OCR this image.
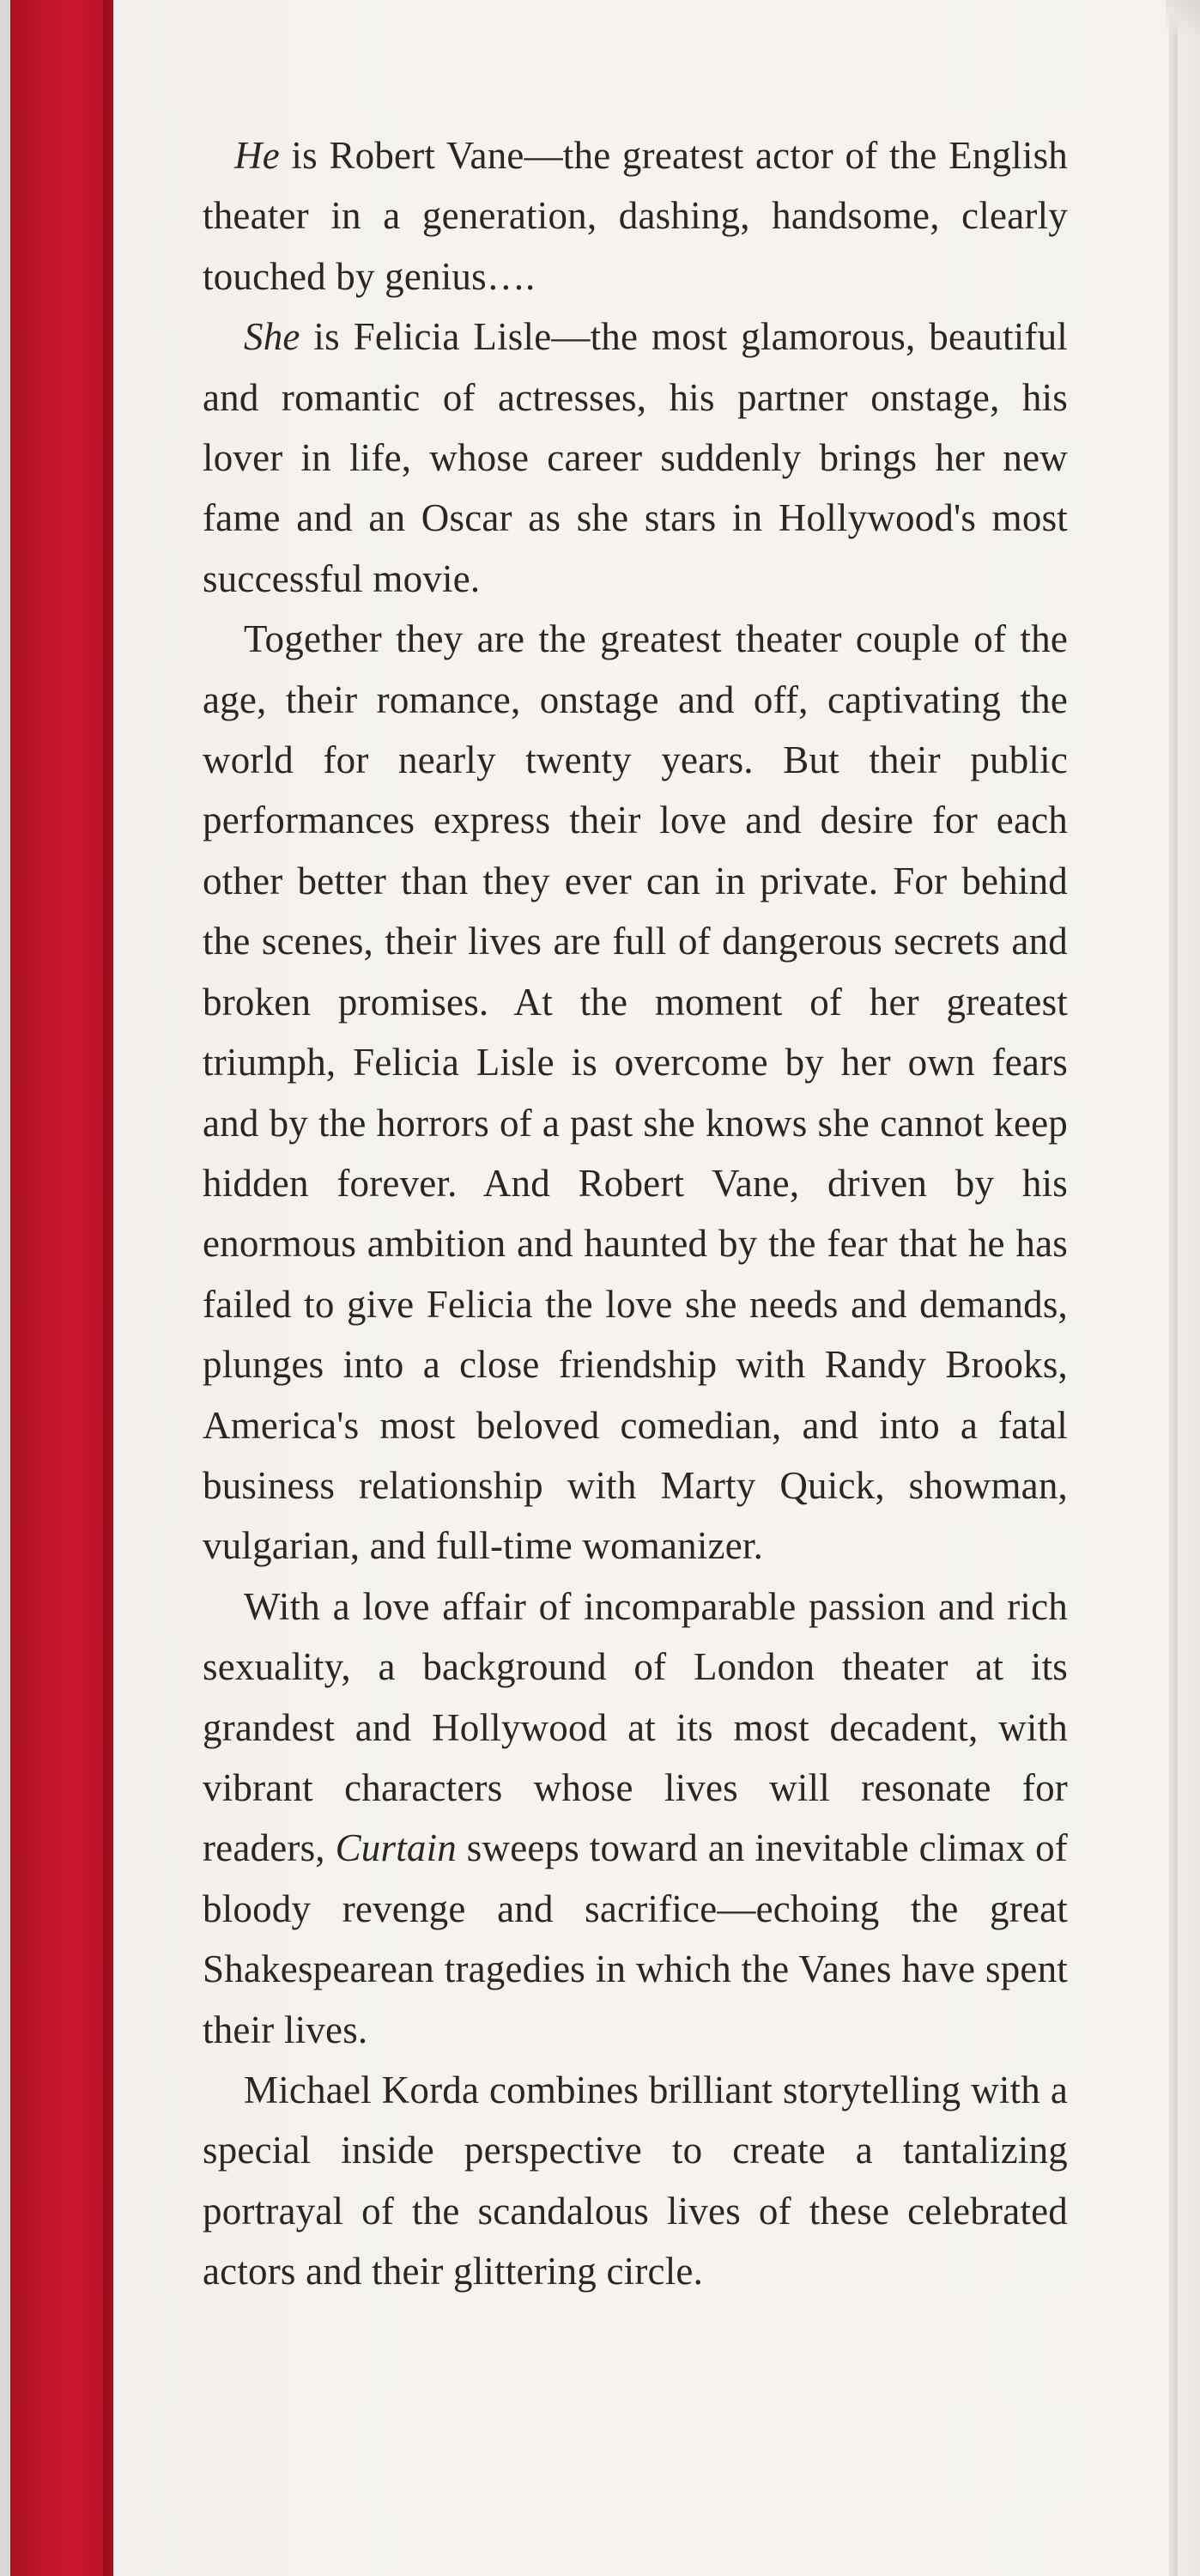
He is Robert Vane—the greatest actor of the English theater in a generation, dashing, handsome, clearly touched by genius….

She is Felicia Lisle—the most glamorous, beautiful and romantic of actresses, his partner onstage, his lover in life, whose career suddenly brings her new fame and an Oscar as she stars in Hollywood's most successful movie.

Together they are the greatest theater couple of the age, their romance, onstage and off, captivating the world for nearly twenty years. But their public performances express their love and desire for each other better than they ever can in private. For behind the scenes, their lives are full of dangerous secrets and broken promises. At the moment of her greatest triumph, Felicia Lisle is overcome by her own fears and by the horrors of a past she knows she cannot keep hidden forever. And Robert Vane, driven by his enormous ambition and haunted by the fear that he has failed to give Felicia the love she needs and demands, plunges into a close friendship with Randy Brooks, America's most beloved comedian, and into a fatal business relationship with Marty Quick, showman, vulgarian, and full-time womanizer.

With a love affair of incomparable passion and rich sexuality, a background of London theater at its grandest and Hollywood at its most decadent, with vibrant characters whose lives will resonate for readers, Curtain sweeps toward an inevitable climax of bloody revenge and sacrifice—echoing the great Shakespearean tragedies in which the Vanes have spent their lives.

Michael Korda combines brilliant storytelling with a special inside perspective to create a tantalizing portrayal of the scandalous lives of these celebrated actors and their glittering circle.
